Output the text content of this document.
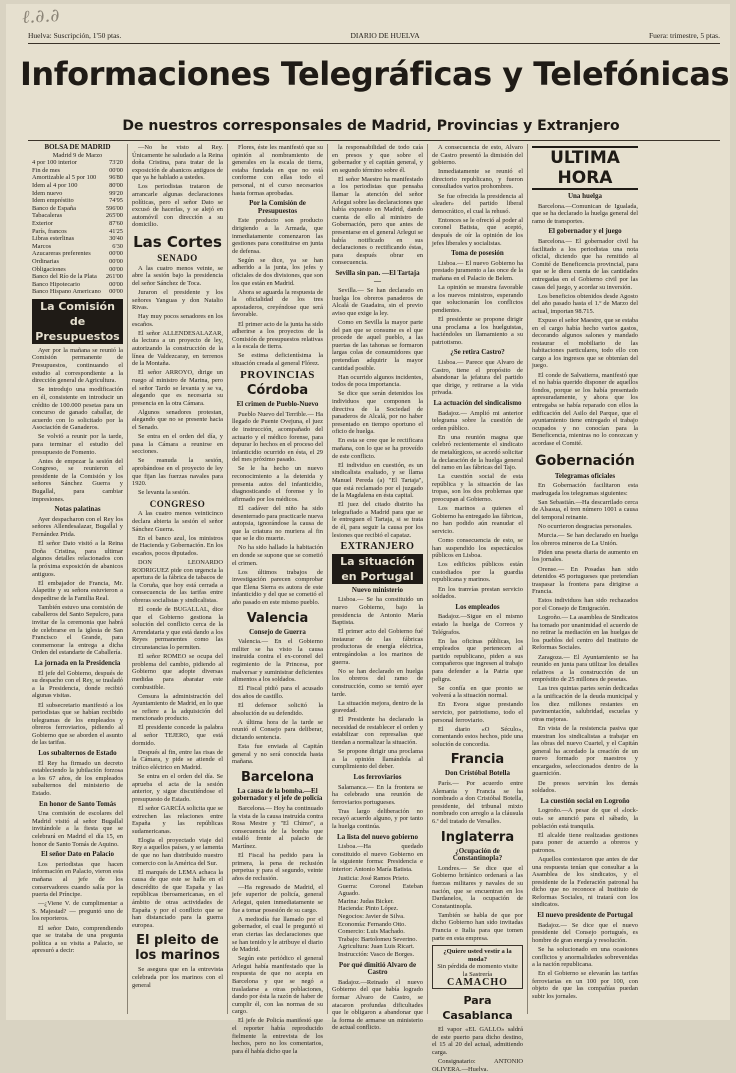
ℓ.∂.∂
Huelva: Suscripción, 1'50 ptas.	DIARIO DE HUELVA	Fuera: trimestre, 5 ptas.
Informaciones Telegráficas y Telefónicas
De nuestros corresponsales de Madrid, Provincias y Extranjero
BOLSA DE MADRID
Madrid 9 de Marzo
4 por 100 interior	73'20
Fin de mes	00'00
Amortizable al 5 por 100 96'80
Idem al 4 por 100	80'00
Idem nuevo	99'20
Idem empréstito	74'95
Banco de España	596'00
Tabacaleras	265'00
Exterior	87'60
París, francos	41'25
Libras esterlinas	30'40
Marcos	6'30
Azucareras preferentes	00'00
Ordinarias	00'00
Obligaciones	00'00
Banco del Río de la Plata 261'00
Banco Hipotecario	00'00
Banco Hispano Americano 00'00
La Comisión de Presupuestos

Ayer por la mañana se reunió la Comisión permanente de Presupuestos, continuando el estudio al correspondiente a la dirección general de Agricultura.

Se introdujo una modificación en él, consistente en introducir un crédito de 100.000 pesetas para un concurso de ganado caballar, de acuerdo con lo solicitado por la Asociación de Ganaderos.

Se volvió a reunir por la tarde, para terminar el estudio del presupuesto de Fomento.

Antes de empezar la sesión del Congreso, se reunieron el presidente de la Comisión y los señores Sánchez Guerra y Bugallal, para cambiar impresiones.

Notas palatinas

Ayer despacharon con el Rey los señores Allendesalazar, Bugallal y Fernández Prida.

El señor Dato visitó a la Reina Doña Cristina, para ultimar algunos detalles relacionados con la próxima exposición de abanicos antiguos.

El embajador de Francia, Mr. Alapetite y su señora estuvieron a despedirse de la Familia Real.

También estuvo una comisión de caballeros del Santo Sepulcro, para invitar de la ceremonia que habrá de celebrarse en la iglesia de San Francisco el Grande, para conmemorar la entrega a dicha Orden del estandarte de Caballería.

La jornada en la Presidencia

El jefe del Gobierno, después de su despacho con el Rey, se trasladó a la Presidencia, donde recibió algunas visitas.

El subsecretario manifestó a los periodistas que se habían recibido telegramas de los empleados y obreros ferroviarios, pidiendo al Gobierno que se aborden el asunto de las tarifas.

Los subalternos de Estado

El Rey ha firmado un decreto estableciendo la jubilación forzosa a los 67 años, de los empleados subalternos del ministerio de Estado.

En honor de Santo Tomás

Una comisión de escolares del Madrid visitó al señor Bugallal invitándole a la fiesta que se celebrará en Madrid el día 15, en honor de Santo Tomás de Aquino.

El señor Dato en Palacio

Los periodistas que hacen información en Palacio, vieron esta mañana al jefe de los conservadores cuando salía por la puerta del Príncipe.

—¿Viene V. de cumplimentar a S. Majestad? — preguntó uno de los reporteros.

El señor Dato, comprendiendo que se trataba de una pregunta política a su visita a Palacio, se apresuró a decir:

—No he visto al Rey. Únicamente he saludado a la Reina doña Cristina, para tratar de la exposición de abanicos antiguos de que ya he hablado a ustedes.

Los periodistas trataron de arrancarle algunas declaraciones políticas, pero el señor Dato se excusó de hacerlas, y se alejó en automóvil con dirección a su domicilio.

Las Cortes
SENADO

A las cuatro menos veinte, se abre la sesión bajo la presidencia del señor Sánchez de Toca.

Juraron el presidente y los señores Yanguas y don Natalio Rivas.

Hay muy pocos senadores en los escaños.

El señor ALLENDESALAZAR, da lectura a un proyecto de ley, autorizando la construcción de la línea de Valdezcaray, en terrenos de la Montaña.

El señor ARROYO, dirige un ruego al ministro de Marina, pero el señor Tardo se levanta y se va, alegando que es necesaria su presencia en la otra Cámara.

Algunos senadores protestan, alegando que no se presente hacia el Senado.

Se entra en el orden del día, y pasa la Cámara a reunirse en secciones.

Se reanuda la sesión, aprobándose en el proyecto de ley que fijan las fuerzas navales para 1920.

Se levanta la sesión.

CONGRESO

A las cuatro menos veinticinco declara abierta la sesión el señor Sánchez Guerra.

En el banco azul, los ministros de Hacienda y Gobernación. En los escaños, pocos diputados.

DON LEONARDO RODRIGUEZ pide con urgencia la apertura de la fábrica de tabacos de la Coruña, que hoy está cerrada a consecuencia de las tarifas entre obreras socialistas y sindicalistas.

El conde de BUGALLAL, dice que el Gobierno gestiona la solución del conflicto cerca de la Arrendataria y que está dando a los Reyes permanentes como las circunstancias lo permiten.

El señor ROMEO se ocupa del problema del cambio, pidiendo al Gobierno que adopte diversas medidas para abaratar este combustible.

Censura la administración del Ayuntamiento de Madrid, en lo que se refiere a la adquisición del mencionado producto.

El presidente concede la palabra al señor TEJERO, que está dormido.

Después al fin, entre las risas de la Cámara, y pide se atiende el tráfico eléctrico en Madrid.

Se entra en el orden del día. Se aprueba el acta de la sesión anterior, y sigue discutiéndose el presupuesto de Estado.

El señor GARCÍA solicita que se extrechen las relaciones entre España y las repúblicas sudamericanas.

Elogia el proyectado viaje del Rey a aquellos países, y se lamenta de que no han distribuido nuestro comercio con la América del Sur.

El marqués de LEMA achaca la causa de que este se halle en el descrédito de que España y las repúblicas iberoamericanas, en el ámbito de otras actividades de España y por el conflicto que se han distanciado para la guerra europea.

El pleito de los marinos

Se asegura que en la entrevista celebrada por los marinos con el general

Flores, éste les manifestó que su opinión al nombramiento de generales en la escala de tierra, estaba fundada en que no está conforme con ellas todo el personal, ni el curso necesarios hasta formas aprobadas.

Por la Comisión de Presupuestos

Este producto son producto dirigiendo a la Armada, que inmediatamente comenzaron las gestiones para constituirse en junta de defensa.

Según se dice, ya se han adherido a la junta, los jefes y oficiales de dos divisiones, que son los que están en Madrid.

Ahora se aguarda la respuesta de la oficialidad de los tres apostaderos, creyéndose que será favorable.

El primer acto de la junta ha sido adherirse a los proyectos de la Comisión de presupuestos relativas a la escala de tierra.

Se estima deficientísima la situación creada al general Flórez.

PROVINCIAS
Córdoba
El crimen de Pueblo-Nuevo

Pueblo Nuevo del Terrible.— Ha llegado de Puente Ovejuna, el juez de instrucción, acompañado del actuario y el médico forense, para depurar lo hechos en el proceso del infanticidio ocurrido en ésta, el 29 del mes próximo pasado.

Se le ha hecho un nuevo reconocimiento a la detenida y presenta autos del infanticidio, diagnosticando el forense y lo afirmado por los médicos.

El cadáver del niño ha sido desenterrado para practicarle nueva autopsia, ignorándose la causa de que la criatura no muriera al fin que se le dio muerte.

No ha sido hallado la habitación en donde se supone que se cometió el crimen.

Los últimos trabajos de investigación parecen comprobar que Elena Sierra es autora de este infanticidio y del que se cometió el año pasado en este mismo pueblo.

Valencia
Consejo de Guerra

Valencia.— En el Gobierno militer se ha visto la causa instruida contra el ex-coronel del regimiento de la Princesa, por malversar y suministrar deficientes alimentos a los soldados.

El Fiscal pidió para el acusado dos años de castillo.

El defensor solicitó la absolución de su defendido.

A última hora de la tarde se reunió el Consejo para deliberar, dictando sentencia.

Esta fue enviada al Capitán general y no será conocida hasta mañana.

Barcelona
La causa de la bomba.—El gobernador y el jefe de policía

Barcelona.— Hoy ha continuado la vista de la causa instruída contra Rosa Mestre y "El Chimo", a consecuencia de la bomba que estalló frente al palacio de Martínez.

El Fiscal ha pedido para la primera, la pena de reclusión perpetua y para el segundo, veinte años de reclusión.

—Ha regresado de Madrid, el jefe superior de policía, general Arlegui, quien inmediatamente se fue a tomar posesión de su cargo.

A mediodía fue llamado por el gobernador, el cual le preguntó si eran ciertas las declaraciones que se han tenido y le atribuye el diario de Madrid.

Según este periódico el general Arlegui había manifestado que la respuesta de que no acepta en Barcelona y que se negó a trasladarse a otras poblaciones, dando por ésta la razón de haber de cumplir él, con las normas de su cargo.

El jefe de Policía manifestó que el reporter había reproducido fielmente la entrevista de los hechos, pero no los comentarios, para él había dicho que la

la responsabilidad de todo caía en presos y que sobre el gobernador y el capitán general, y en segundo término sobre él.

El señor Maestre ha manifestado a los periodistas que pensaba llamar la atención del señor Arlegui sobre las declaraciones que había expuesto en Madrid, dando cuenta de ello al ministro de Gobernación, pero que antes de presentarse en el general Arlegui se había notificado en sus declaraciones o rectificando éstas, para después obrar en consecuencia.

Sevilla sin pan. —El Tartaja—

Sevilla.— Se han declarado en huelga los obreros panaderos de Alcalá de Guadaira, sin el previo aviso que exige la ley.

Como en Sevilla la mayor parte del pan que se consume es el que procede de aquel pueblo, a las puertas de las tahonas se formaron largas colas de consumidores que pretendían adquirir la mayor cantidad posible.

Han ocurrido algunos incidentes, todos de poca importancia.

Se dice que serán detenidos los individuos que componen la directiva de la Sociedad de panaderos de Alcalá, por no haber presentado en tiempo oportuno el oficio de huelga.

En esta se cree que le rectificara mañana, con lo que se ha proveído de este conflicto.

El individuo en cuestión, es un sindicalista exaltado, y se llama Manuel Pereda (a) "El Tartaja", que está reclamado por el juzgado de la Magdalena en ésta capital.

El juez del citado distrito ha telegrafiado a Madrid para que se le entreguen el Tartaja, si se trata de él, para seguir la causa por los lesiones que recibió el capataz.

EXTRANJERO
La situación en Portugal
Nuevo ministerio

Lisboa.— Se ha constituido un nuevo Gobierno, bajo la presidencia de Antonio María Baptista.

El primer acto del Gobierno fué instaurar de las fábricas productoras de energía eléctrica, entregándolas a los marinos de guerra.

No se han declarado en huelga los obreros del ramo de construcción, como se temió ayer tarde.

La situación mejora, dentro de la gravedad.

El Presidente ha declarado la necesidad de restablecer el orden y estabilizar con represalias que tiendan a normalizar la situación.

Se propone dirigir una proclama a la opinión llamándola al cumplimiento del deber.

Los ferroviarios

Salamanca.— En la frontera se ha celebrado una reunión de ferroviarios portugueses.

Tras largo deliberación no recayó acuerdo alguno, y por tanto la huelga continúa.

La lista del nuevo gobierno

Lisboa.—Ha quedado constituido el nuevo Gobierno en la siguiente forma: Presidencia e interior: Antonio María Batista.

Justicia: José Ramos Prieto.
Guerra: Coronel Esteban Aguado.
Marina: Judas Bicker.
Hacienda: Pinto López.
Negocios: Javier de Silva.
Economía: Fernando Otto.
Comercio: Luis Machado.
Trabajo: Bartolomeu Severino.
Agricultura: Juan Luis Ricart.
Instrucción: Vasco de Borges.
Por qué dimitió Alvaro de Castro

Badajoz.—Reinado el nuevo Gobierno del que había logrado formar Alvaro de Castro, se atacaron profundas dificultades que le obligaron a abandonar que la forma de armarse un ministerio de actual conflicto.

A consecuencia de esto, Alvaro de Castro presentó la dimisión del gobierno.

Inmediatamente se reunió el directorio republicano, y fueron consultados varios prohombres.

Se fue ofrecida la presidencia al «leader» del partido liberal democrático, el cual la rehusó.

Entonces se le ofreció al poder al coronel Batista, que aceptó, después de oír la opinión de los jefes liberales y socialistas.

Toma de posesión

Lisboa.— El nuevo Gobierno ha prestado juramento a las once de la mañana en el Palacio de Belem.

La opinión se muestra favorable a los nuevos ministros, esperando que solucionarán los conflictos pendientes.

El presidente se propone dirigir una proclama a los huelguistas, haciéndoles un llamamiento a su patriotismo.

¿Se retira Castro?

Lisboa.— Parece que Alvaro de Castro, tiene el propósito de abandonar la jefatura del partido que dirige, y retirarse a la vida privada.

La actuación del sindicalismo

Badajoz.— Amplió mi anterior telegrama sobre la cuestión de orden público.

En una reunión magna que celebró recientemente el sindicato de metalúrgicos, se acordó solicitar la declaración de la huelga general del ramo en las fábricas del Tajo.

La cuestión social de esta república y la situación de las tropas, son los dos problemas que preocupan al Gobierno.

Los marinos a quienes el Gobierno ha entregado las fábricas, no han podido aún reanudar el servicio.

Como consecuencia de esto, se han suspendido los espectáculos públicos en Lisboa.

Los edificios públicos están custodiados por la guardia republicana y marinos.

En los tranvías prestan servicio soldados.

Los empleados

Badajoz.—Sigue en el mismo estado la huelga de Correos y Telégrafos.

En las oficinas públicas, los empleados que pertenecen al partido republicano, piden a sus compañeros que ingresen al trabajo para defender a la Patria que peligra.

Se confía en que pronto se volverá a la situación normal.

En Evora sigue prestando servicio, por patriotismo, todo el personal ferroviario.

El diario «O Século», comentando estos hechos, pide una solución de concordia.

Francia
Don Cristóbal Botella

París.— Por acuerdo entre Alemania y Francia se ha nombrado a don Cristóbal Botella, presidente, del tribunal mixto nombrado con arreglo a la cláusula 6.ª del tratado de Versalles.

Inglaterra
¿Ocupación de Constantinopla?

Londres.— Se dice que el Gobierno británico ordenará a las fuerzas militares y navales de su nación, que se encuentran en los Dardanelos, la ocupación de Constantinopla.

También se habla de que por dicho Gobierno han sido invitadas Francia e Italia para que tomen parte en esta empresa.

¿Quiere usted vestir a la moda?
Sin pérdida de momento visite la Sastrería
CAMACHO
Para Casablanca

El vapor «EL GALLO» saldrá de este puerto para dicho destino, el 15 al 20 del actual, admitiendo carga.

Consignatario: ANTONIO OLIVERA.—Huelva.

ULTIMA HORA
Una huelga

Barcelona.—Comunican de Igualada, que se ha declarado la huelga general del ramo de transportes.

El gobernador y el juego

Barcelona.— El gobernador civil ha facilitado a los periodistas una nota oficial, diciendo que ha remitido al Comité de Beneficencia provincial, para que se le diera cuenta de las cantidades entregadas en el Gobierno civil por las casas del juego, y acordar su inversión.

Los beneficios obtenidos desde Agosto del año pasado hasta el 1.º de Marzo del actual, importan 98.715.

Expuso el señor Maestre, que se estaba en el cargo había hecho varios gastos, decorando algunos salones y mandado restaurar el mobiliario de las habitaciones particulares, todo ello con cargo a los ingresos que se obtenían del juego.

El conde de Salvatierra, manifestó que el no había querido disponer de aquellos fondos, porque se los había presentado apresuradamente, y ahora que los entregaba se había reparado con ellos la edificación del Asilo del Parque, que el ayuntamiento tiene entregado el trabajo ocupados y no conocían para la Beneficencia, mientras no lo conozcan y acordase el Comité.

Gobernación
Telegramas oficiales

En Gobernación facilitaron esta madrugada los telegramas siguientes:

San Sebastián.—Ha descarrilado cerca de Alsasua, el tren número 1001 a causa del temporal reinante.

No ocurrieron desgracias personales.

Murcia.— Se han declarado en huelga los obreros mineros de La Unión.

Piden una peseta diaria de aumento en los jornales.

Orense.— En Posadas han sido detenidos 45 portugueses que pretendían traspasar la frontera para dirigirse a Francia.

Estos individuos han sido rechazados por el Consejo de Emigración.

Logroño.— La asamblea de Sindicatos ha tomado por unanimidad el acuerdo de no retirar la mediación en las huelgas de los pueblos del centro del Instituto de Reformas Sociales.

Zaragoza.— El Ayuntamiento se ha reunido en junta para utilizar los detalles relativos a la construcción de un empréstito de 25 millones de pesetas.

Las tres quintas partes serán dedicadas a la unificación de la deuda municipal y los diez millones restantes en pavimentación, salubridad, escuelas y otras mejoras.

En vista de la resistencia pasiva que muestran los sindicalistas a trabajar en las obras del nuevo Cuartel, y el Capitán general ha acordado la creación de un nuevo formado por maestros y encargados, seleccionados dentro de la guarnición.

De presos servirán los demás soldados.

La cuestión social en Logroño

Logroño.—A pesar de que el «lock-out» se anunció para el sábado, la población está tranquila.

El alcalde tiene realizadas gestiones para poner de acuerdo a obreros y patronos.

Aquellos contestaron que antes de dar una respuesta tenían que consultar a la Asamblea de los sindicatos, y el presidente de la Federación patronal ha dicho que no reconoce al Instituto de Reformas Sociales, ni tratará con los sindicatos.

El nuevo presidente de Portugal

Badajoz.— Se dice que el nuevo presidente del Consejo portugués, es hombre de gran energía y resolución.

Se ha solucionado en una ocasiones conflictos y anormalidades sobrevenidas a la nación republicana.

En el Gobierno se elevarán las tarifas ferroviarias en un 100 por 100, con objeto de que las compañías puedan subir los jornales.
